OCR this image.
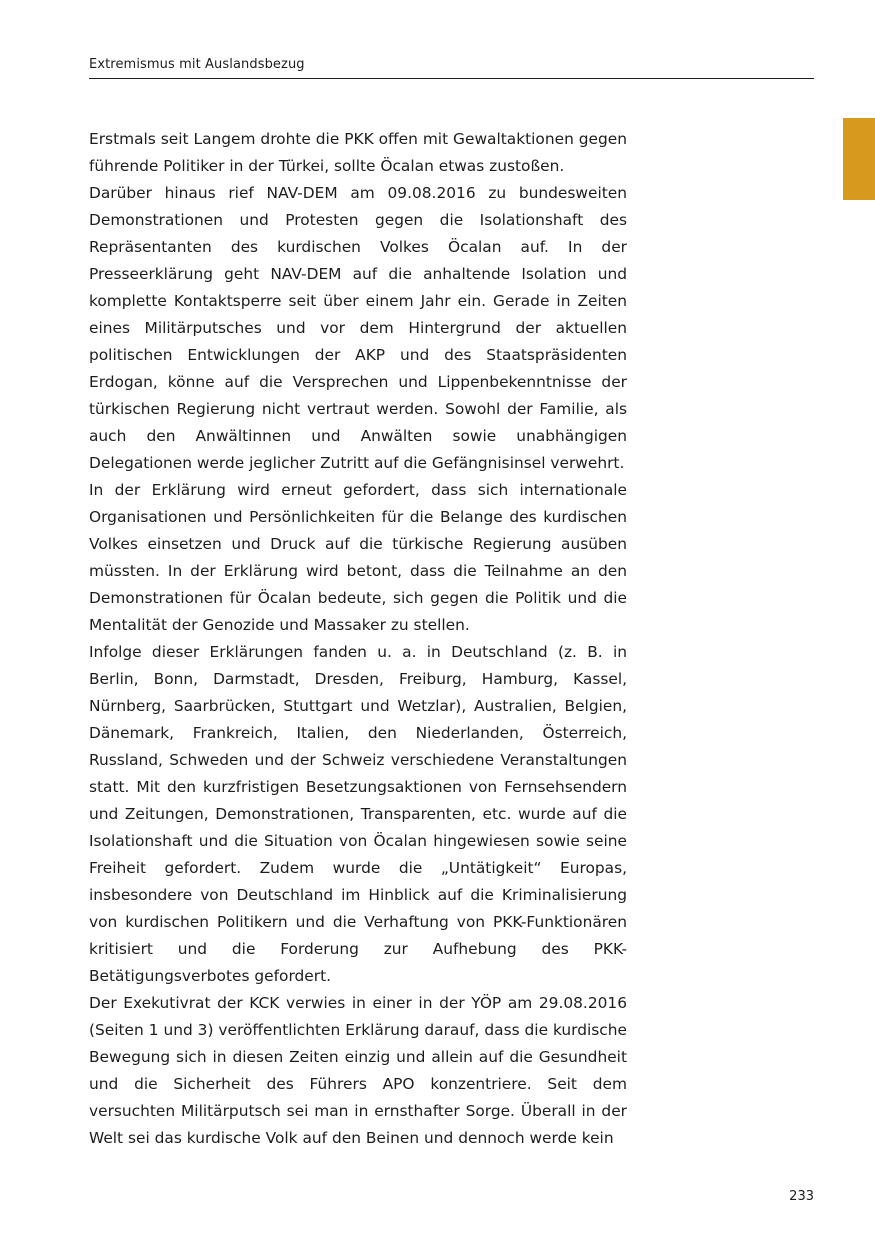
Extremismus mit Auslandsbezug

Erstmals seit Langem drohte die PKK offen mit Gewaltaktionen gegen führende Politiker in der Türkei, sollte Öcalan etwas zustoßen.

Darüber hinaus rief NAV-DEM am 09.08.2016 zu bundesweiten Demonstrationen und Protesten gegen die Isolationshaft des Repräsentanten des kurdischen Volkes Öcalan auf. In der Presseerklärung geht NAV-DEM auf die anhaltende Isolation und komplette Kontaktsperre seit über einem Jahr ein. Gerade in Zeiten eines Militärputsches und vor dem Hintergrund der aktuellen politischen Entwicklungen der AKP und des Staatspräsidenten Erdogan, könne auf die Versprechen und Lippenbekenntnisse der türkischen Regierung nicht vertraut werden. Sowohl der Familie, als auch den Anwältinnen und Anwälten sowie unabhängigen Delegationen werde jeglicher Zutritt auf die Gefängnisinsel verwehrt.

In der Erklärung wird erneut gefordert, dass sich internationale Organisationen und Persönlichkeiten für die Belange des kurdischen Volkes einsetzen und Druck auf die türkische Regierung ausüben müssten. In der Erklärung wird betont, dass die Teilnahme an den Demonstrationen für Öcalan bedeute, sich gegen die Politik und die Mentalität der Genozide und Massaker zu stellen.

Infolge dieser Erklärungen fanden u. a. in Deutschland (z. B. in Berlin, Bonn, Darmstadt, Dresden, Freiburg, Hamburg, Kassel, Nürnberg, Saarbrücken, Stuttgart und Wetzlar), Australien, Belgien, Dänemark, Frankreich, Italien, den Niederlanden, Österreich, Russland, Schweden und der Schweiz verschiedene Veranstaltungen statt. Mit den kurzfristigen Besetzungsaktionen von Fernsehsendern und Zeitungen, Demonstrationen, Transparenten, etc. wurde auf die Isolationshaft und die Situation von Öcalan hingewiesen sowie seine Freiheit gefordert. Zudem wurde die „Untätigkeit“ Europas, insbesondere von Deutschland im Hinblick auf die Kriminalisierung von kurdischen Politikern und die Verhaftung von PKK-Funktionären kritisiert und die Forderung zur Aufhebung des PKK-Betätigungsverbotes gefordert.

Der Exekutivrat der KCK verwies in einer in der YÖP am 29.08.2016 (Seiten 1 und 3) veröffentlichten Erklärung darauf, dass die kurdische Bewegung sich in diesen Zeiten einzig und allein auf die Gesundheit und die Sicherheit des Führers APO konzentriere. Seit dem versuchten Militärputsch sei man in ernsthafter Sorge. Überall in der Welt sei das kurdische Volk auf den Beinen und dennoch werde kein

233
